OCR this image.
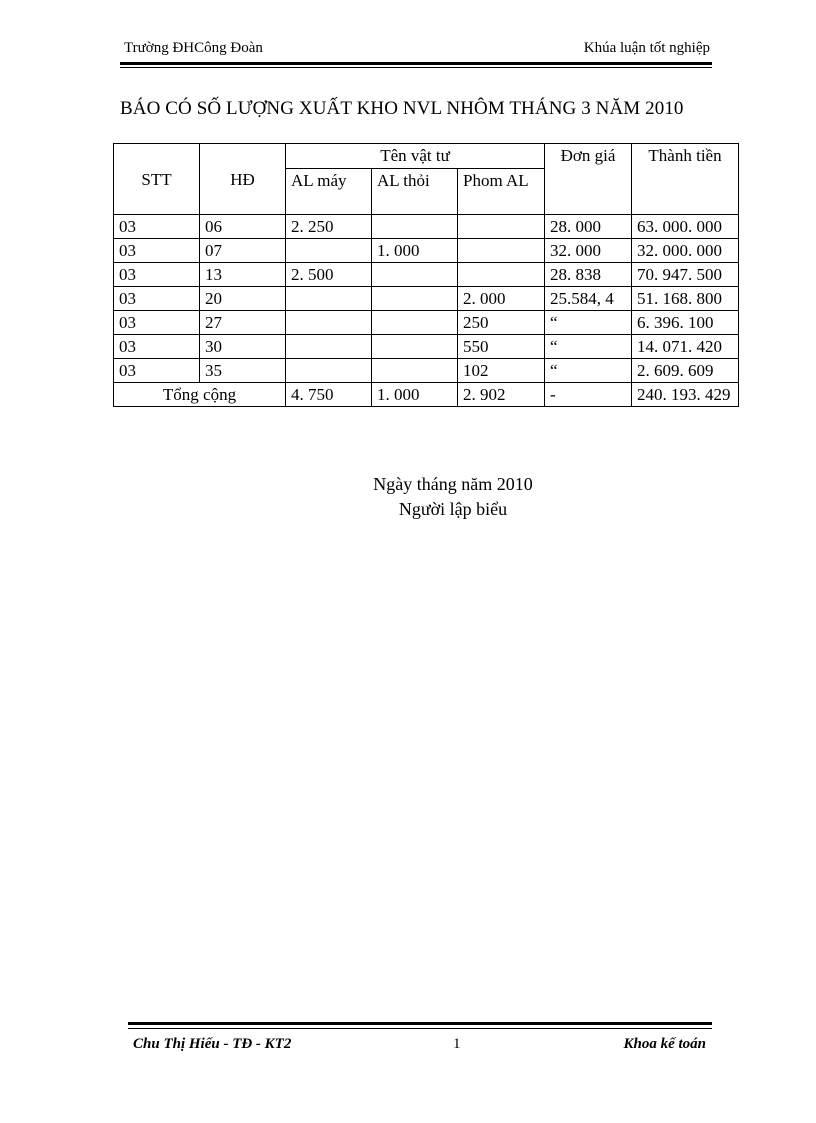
Trường ĐHCông Đoàn	Khúa luận tốt nghiệp
BÁO CÓ SỐ LƯỢNG XUẤT KHO NVL NHÔM THÁNG 3 NĂM 2010
STT	HĐ	Tên vật tư			Đơn giá	Thành tiền
		AL máy	AL thỏi	Phom AL		
03	06	2. 250			28. 000	63. 000. 000
03	07		1. 000		32. 000	32. 000. 000
03	13	2. 500			28. 838	70. 947. 500
03	20			2. 000	25.584, 4	51. 168. 800
03	27			250	“	6. 396. 100
03	30			550	“	14. 071. 420
03	35			102	“	2. 609. 609
Tổng cộng		4. 750	1. 000	2. 902	-	240. 193. 429
Ngày tháng năm 2010
Người lập biểu
Chu Thị Hiếu - TĐ - KT2	1	Khoa kế toán
